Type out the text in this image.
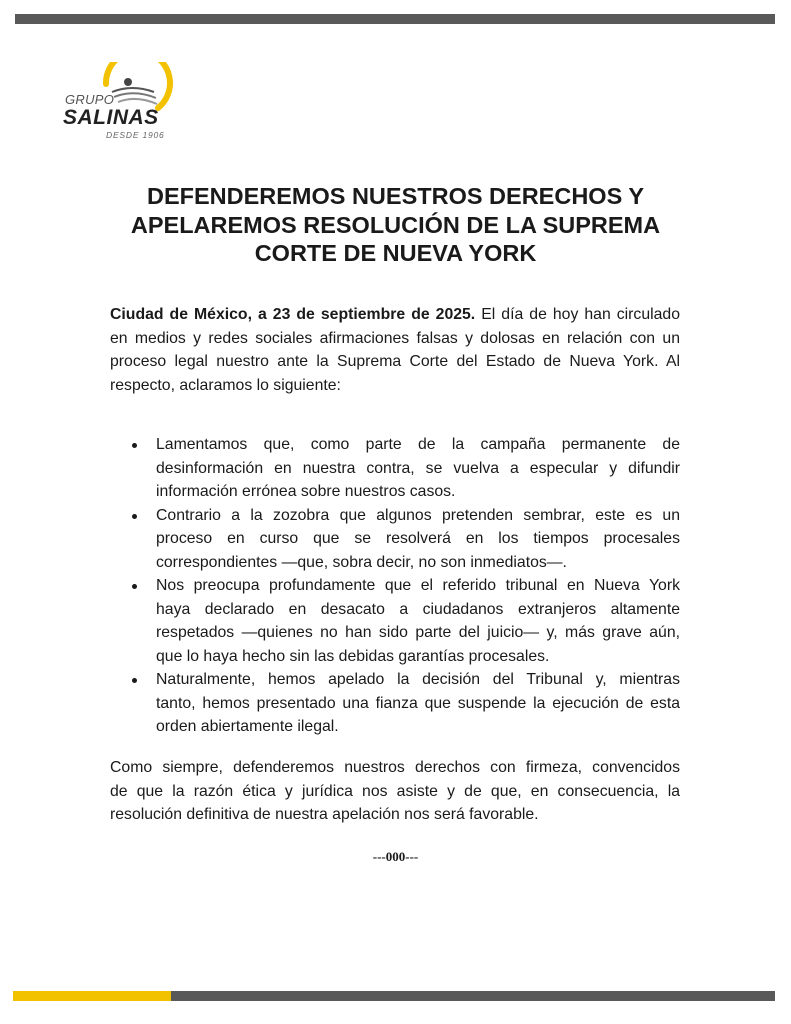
GRUPO
SALINAS
DESDE 1906
DEFENDEREMOS NUESTROS DERECHOS Y
APELAREMOS RESOLUCIÓN DE LA SUPREMA
CORTE DE NUEVA YORK

Ciudad de México, a 23 de septiembre de 2025. El día de hoy han circulado
en medios y redes sociales afirmaciones falsas y dolosas en relación con un
proceso legal nuestro ante la Suprema Corte del Estado de Nueva York. Al
respecto, aclaramos lo siguiente:

Lamentamos que, como parte de la campaña permanente de
desinformación en nuestra contra, se vuelva a especular y difundir
información errónea sobre nuestros casos.
Contrario a la zozobra que algunos pretenden sembrar, este es un
proceso en curso que se resolverá en los tiempos procesales
correspondientes —que, sobra decir, no son inmediatos—.
Nos preocupa profundamente que el referido tribunal en Nueva York
haya declarado en desacato a ciudadanos extranjeros altamente
respetados —quienes no han sido parte del juicio— y, más grave aún,
que lo haya hecho sin las debidas garantías procesales.
Naturalmente, hemos apelado la decisión del Tribunal y, mientras
tanto, hemos presentado una fianza que suspende la ejecución de esta
orden abiertamente ilegal.

Como siempre, defenderemos nuestros derechos con firmeza, convencidos
de que la razón ética y jurídica nos asiste y de que, en consecuencia, la
resolución definitiva de nuestra apelación nos será favorable.

---000---
